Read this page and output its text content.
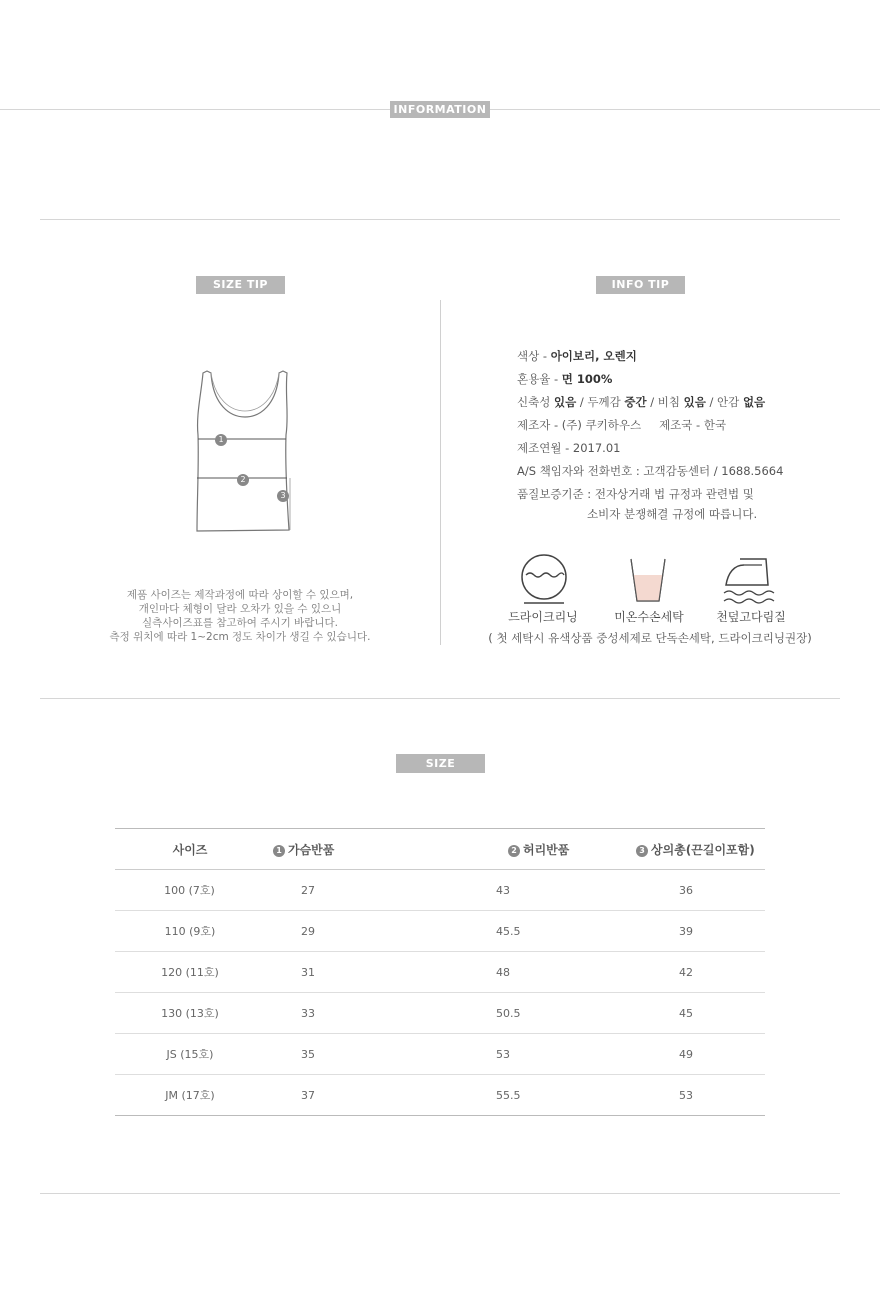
INFORMATION
SIZE TIP
1
2
3
제품 사이즈는 제작과정에 따라 상이할 수 있으며,
개인마다 체형이 달라 오차가 있을 수 있으니
실측사이즈표를 참고하여 주시기 바랍니다.
측정 위치에 따라 1~2cm 정도 차이가 생길 수 있습니다.
INFO TIP
색상 - 아이보리, 오렌지
혼용율 - 면 100%
신축성 있음 / 두께감 중간 / 비침 있음 / 안감 없음
제조자 - (주) 쿠키하우스 제조국 - 한국
제조연월 - 2017.01
A/S 책임자와 전화번호 : 고객감동센터 / 1688.5664
품질보증기준 : 전자상거래 법 규정과 관련법 및
소비자 분쟁해결 규정에 따릅니다.
드라이크리닝	미온수손세탁	천덮고다림질
( 첫 세탁시 유색상품 중성세제로 단독손세탁, 드라이크리닝권장)
SIZE
사이즈	1 가슴반품	2 허리반품	3 상의총(끈길이포함)
100 (7호)	27	43	36
110 (9호)	29	45.5	39
120 (11호)	31	48	42
130 (13호)	33	50.5	45
JS (15호)	35	53	49
JM (17호)	37	55.5	53
